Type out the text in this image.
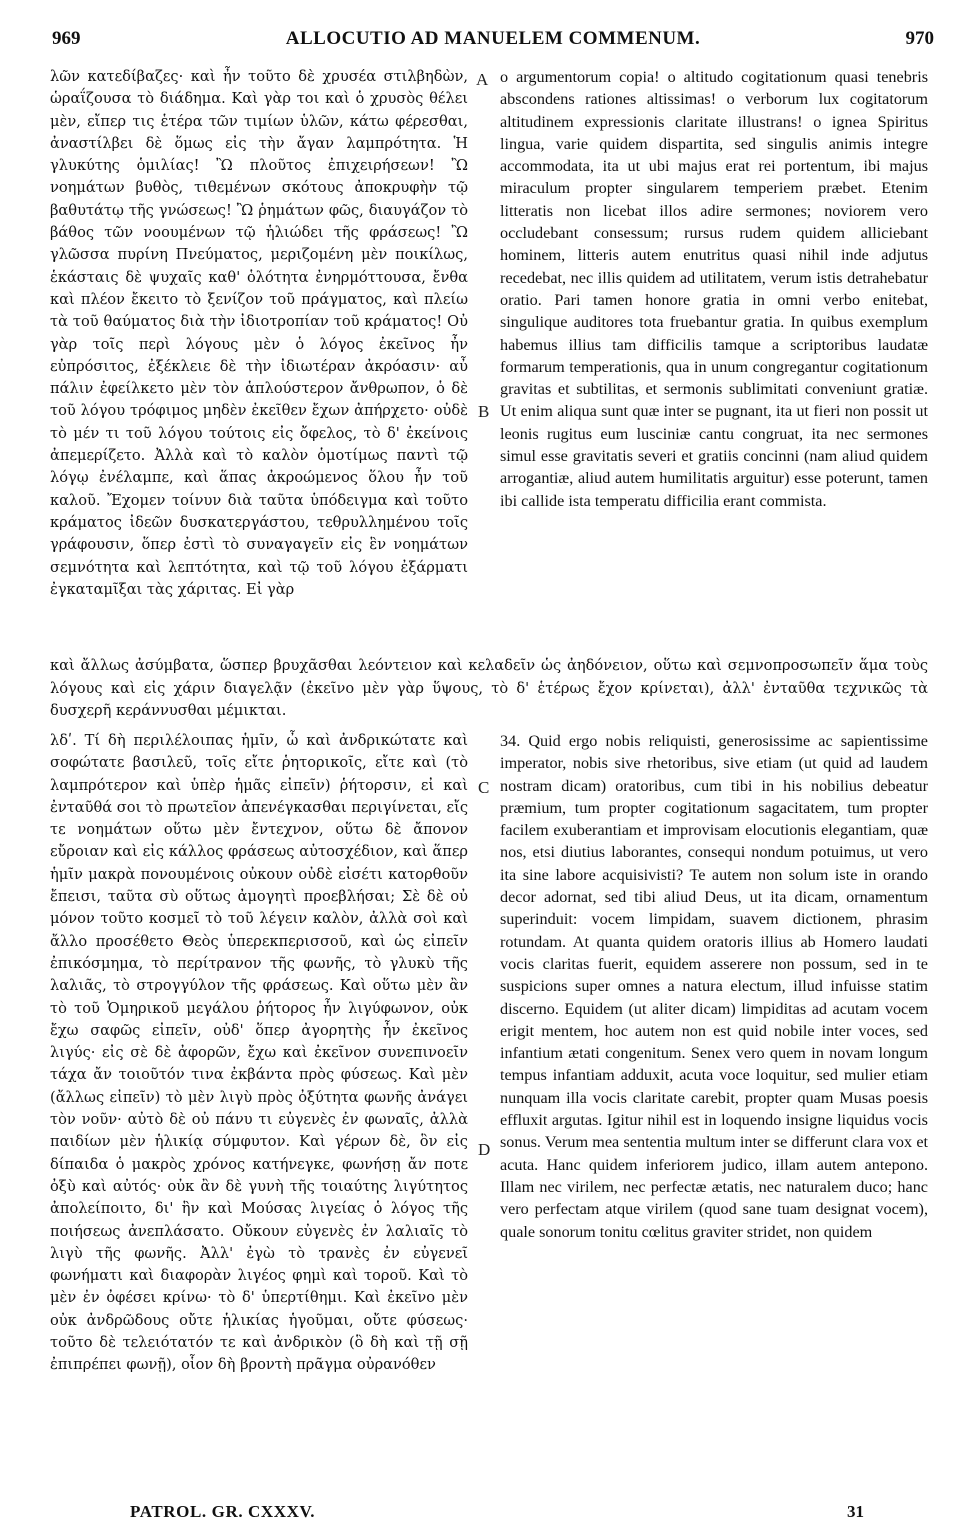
969	ALLOCUTIO AD MANUELEM COMMENUM.	970

λῶν κατεδίβαζες· καὶ ἦν τοῦτο δὲ χρυσέα στιλβηδὼν, ὡραΐζουσα τὸ διάδημα. Καὶ γὰρ τοι καὶ ὁ χρυσὸς θέλει μὲν, εἴπερ τις ἑτέρα τῶν τιμίων ὑλῶν, κάτω φέρεσθαι, ἀναστίλβει δὲ ὅμως εἰς τὴν ἄγαν λαμπρότητα. Ἡ γλυκύτης ὁμιλίας! Ὢ πλοῦτος ἐπιχειρήσεων! Ὢ νοημάτων βυθὸς, τιθεμένων σκότους ἀποκρυφὴν τῷ βαθυτάτῳ τῆς γνώσεως! Ὢ ῥημάτων φῶς, διαυγάζον τὸ βάθος τῶν νοουμένων τῷ ἡλιώδει τῆς φράσεως! Ὢ γλῶσσα πυρίνη Πνεύματος, μεριζομένη μὲν ποικίλως, ἑκάσταις δὲ ψυχαῖς καθ' ὁλότητα ἐνηρμόττουσα, ἔνθα καὶ πλέον ἔκειτο τὸ ξενίζον τοῦ πράγματος, καὶ πλείω τὰ τοῦ θαύματος διὰ τὴν ἰδιοτροπίαν τοῦ κράματος! Οὐ γὰρ τοῖς περὶ λόγους μὲν ὁ λόγος ἐκεῖνος ἦν εὐπρόσιτος, ἐξέκλειε δὲ τὴν ἰδιωτέραν ἀκρόασιν· αὖ πάλιν ἐφείλκετο μὲν τὸν ἁπλούστερον ἄνθρωπον, ὁ δὲ τοῦ λόγου τρόφιμος μηδὲν ἐκεῖθεν ἔχων ἀπήρχετο· οὐδὲ τὸ μέν τι τοῦ λόγου τούτοις εἰς ὄφελος, τὸ δ' ἐκείνοις ἀπεμερίζετο. Ἀλλὰ καὶ τὸ καλὸν ὁμοτίμως παντὶ τῷ λόγῳ ἐνέλαμπε, καὶ ἅπας ἀκροώμενος ὅλου ἦν τοῦ καλοῦ. Ἔχομεν τοίνυν διὰ ταῦτα ὑπόδειγμα καὶ τοῦτο κράματος ἰδεῶν δυσκατεργάστου, τεθρυλλημένου τοῖς γράφουσιν, ὅπερ ἐστὶ τὸ συναγαγεῖν εἰς ἓν νοημάτων σεμνότητα καὶ λεπτότητα, καὶ τῷ τοῦ λόγου ἐξάρματι ἐγκαταμῖξαι τὰς χάριτας. Εἰ γὰρ

o argumentorum copia! o altitudo cogitationum quasi tenebris abscondens rationes altissimas! o verborum lux cogitatorum altitudinem expressionis claritate illustrans! o ignea Spiritus lingua, varie quidem dispartita, sed singulis animis integre accommodata, ita ut ubi majus erat rei portentum, ibi majus miraculum propter singularem temperiem præbet. Etenim litteratis non licebat illos adire sermones; noviorem vero occludebant consessum; rursus rudem quidem alliciebant hominem, litteris autem enutritus quasi nihil inde adjutus recedebat, nec illis quidem ad utilitatem, verum istis detrahebatur oratio. Pari tamen honore gratia in omni verbo enitebat, singulique auditores tota fruebantur gratia. In quibus exemplum habemus illius tam difficilis tamque a scriptoribus laudatæ formarum temperationis, qua in unum congregantur cogitationum gravitas et subtilitas, et sermonis sublimitati conveniunt gratiæ. Ut enim aliqua sunt quæ inter se pugnant, ita ut fieri non possit ut leonis rugitus eum lusciniæ cantu congruat, ita nec sermones simul esse gravitatis severi et gratiis concinni (nam aliud quidem arrogantiæ, aliud autem humilitatis arguitur) esse poterunt, tamen ibi callide ista temperatu difficilia erant commista.

καὶ ἄλλως ἀσύμβατα, ὥσπερ βρυχᾶσθαι λεόντειον καὶ κελαδεῖν ὡς ἀηδόνειον, οὕτω καὶ σεμνοπροσωπεῖν ἅμα τοὺς λόγους καὶ εἰς χάριν διαγελᾷν (ἐκεῖνο μὲν γὰρ ὕψους, τὸ δ' ἑτέρως ἔχον κρίνεται), ἀλλ' ἐνταῦθα τεχνικῶς τὰ δυσχερῆ κεράννυσθαι μέμικται.

λδʹ. Τί δὴ περιλέλοιπας ἡμῖν, ὦ καὶ ἀνδρικώτατε καὶ σοφώτατε βασιλεῦ, τοῖς εἴτε ῥητορικοῖς, εἴτε καὶ (τὸ λαμπρότερον καὶ ὑπὲρ ἡμᾶς εἰπεῖν) ῥήτορσιν, εἰ καὶ ἐνταῦθά σοι τὸ πρωτεῖον ἀπενέγκασθαι περιγίνεται, εἴς τε νοημάτων οὕτω μὲν ἔντεχνον, οὕτω δὲ ἄπονον εὔροιαν καὶ εἰς κάλλος φράσεως αὐτοσχέδιον, καὶ ἅπερ ἡμῖν μακρὰ πονουμένοις οὐκουν οὐδὲ εἰσέτι κατορθοῦν ἔπεισι, ταῦτα σὺ οὕτως ἀμογητὶ προεβλήσαι; Σὲ δὲ οὐ μόνον τοῦτο κοσμεῖ τὸ τοῦ λέγειν καλὸν, ἀλλὰ σοὶ καὶ ἄλλο προσέθετο Θεὸς ὑπερεκπερισσοῦ, καὶ ὡς εἰπεῖν ἐπικόσμημα, τὸ περίτρανον τῆς φωνῆς, τὸ γλυκὺ τῆς λαλιᾶς, τὸ στρογγύλον τῆς φράσεως. Καὶ οὕτω μὲν ἂν τὸ τοῦ Ὁμηρικοῦ μεγάλου ῥήτορος ἦν λιγύφωνον, οὐκ ἔχω σαφῶς εἰπεῖν, οὐδ' ὅπερ ἀγορητὴς ἦν ἐκεῖνος λιγύς· εἰς σὲ δὲ ἀφορῶν, ἔχω καὶ ἐκεῖνον συνεπινοεῖν τάχα ἄν τοιοῦτόν τινα ἐκβάντα πρὸς φύσεως. Καὶ μὲν (ἄλλως εἰπεῖν) τὸ μὲν λιγὺ πρὸς ὀξύτητα φωνῆς ἀνάγει τὸν νοῦν· αὐτὸ δὲ οὐ πάνυ τι εὐγενὲς ἐν φωναῖς, ἀλλὰ παιδίων μὲν ἡλικίᾳ σύμφυτον. Καὶ γέρων δὲ, ὃν εἰς δίπαιδα ὁ μακρὸς χρόνος κατήνεγκε, φωνήσῃ ἄν ποτε ὀξὺ καὶ αὐτός· οὐκ ἂν δὲ γυνὴ τῆς τοιαύτης λιγύτητος ἀπολείποιτο, δι' ἣν καὶ Μούσας λιγείας ὁ λόγος τῆς ποιήσεως ἀνεπλάσατο. Οὔκουν εὐγενὲς ἐν λαλιαῖς τὸ λιγὺ τῆς φωνῆς. Ἀλλ' ἐγὼ τὸ τρανὲς ἐν εὐγενεῖ φωνήματι καὶ διαφορὰν λιγέος φημὶ καὶ τοροῦ. Καὶ τὸ μὲν ἐν ὀφέσει κρίνω· τὸ δ' ὑπερτίθημι. Καὶ ἐκεῖνο μὲν οὐκ ἀνδρῶδους οὔτε ἡλικίας ἡγοῦμαι, οὔτε φύσεως· τοῦτο δὲ τελειότατόν τε καὶ ἀνδρικὸν (ὃ δὴ καὶ τῇ σῇ ἐπιπρέπει φωνῇ), οἷον δὴ βροντὴ πρᾶγμα οὐρανόθεν

34. Quid ergo nobis reliquisti, generosissime ac sapientissime imperator, nobis sive rhetoribus, sive etiam (ut quid ad laudem nostram dicam) oratoribus, cum tibi in his nobilius debeatur præmium, tum propter cogitationum sagacitatem, tum propter facilem exuberantiam et improvisam elocutionis elegantiam, quæ nos, etsi diutius laborantes, consequi nondum potuimus, ut vero ita sine labore acquisivisti? Te autem non solum iste in orando decor adornat, sed tibi aliud Deus, ut ita dicam, ornamentum superinduit: vocem limpidam, suavem dictionem, phrasim rotundam. At quanta quidem oratoris illius ab Homero laudati vocis claritas fuerit, equidem asserere non possum, sed in te suspicions super omnes a natura electum, illud infuisse statim discerno. Equidem (ut aliter dicam) limpiditas ad acutam vocem erigit mentem, hoc autem non est quid nobile inter voces, sed infantium ætati congenitum. Senex vero quem in novam longum tempus infantiam adduxit, acuta voce loquitur, sed mulier etiam nunquam illa vocis claritate carebit, propter quam Musas poesis effluxit argutas. Igitur nihil est in loquendo insigne liquidus vocis sonus. Verum mea sententia multum inter se differunt clara vox et acuta. Hanc quidem inferiorem judico, illam autem antepono. Illam nec virilem, nec perfectæ ætatis, nec naturalem duco; hanc vero perfectam atque virilem (quod sane tuam designat vocem), quale sonorum tonitu cœlitus graviter stridet, non quidem

A
B
C
D
PATROL. GR. CXXXV.	31
